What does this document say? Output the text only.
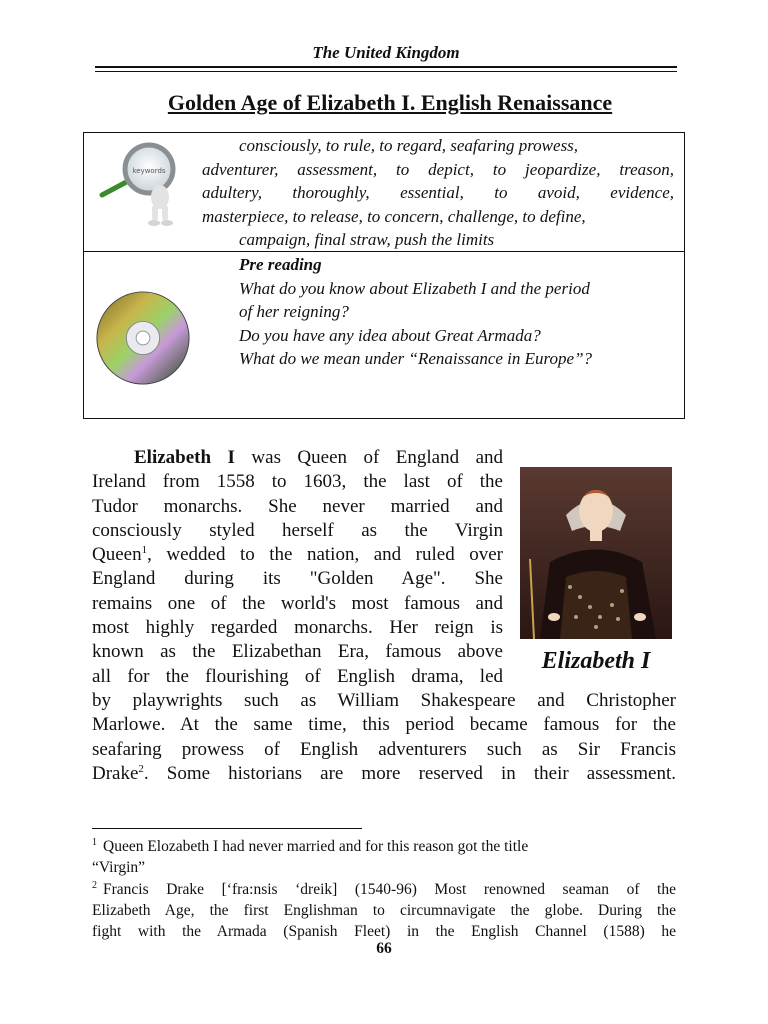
The United Kingdom
Golden Age of Elizabeth I. English Renaissance
keywords
consciously, to rule, to regard, seafaring prowess,
adventurer, assessment, to depict, to jeopardize, treason,
adultery, thoroughly, essential, to avoid, evidence,
masterpiece, to release, to concern, challenge, to define,
campaign, final straw, push the limits
Pre reading
What do you know about Elizabeth I and the period
of her reigning?
Do you have any idea about Great Armada?
What do we mean under “Renaissance in Europe”?
Elizabeth I
Elizabeth I was Queen of England and
Ireland from 1558 to 1603, the last of the
Tudor monarchs. She never married and
consciously styled herself as the Virgin
Queen$^1$, wedded to the nation, and ruled over
England during its "Golden Age". She
remains one of the world's most famous and
most highly regarded monarchs. Her reign is
known as the Elizabethan Era, famous above
all for the flourishing of English drama, led
by playwrights such as William Shakespeare and Christopher
Marlowe. At the same time, this period became famous for the
seafaring prowess of English adventurers such as Sir Francis
Drake$^2$. Some historians are more reserved in their assessment.
$^1$ Queen Elozabeth I had never married and for this reason got the title
“Virgin”
$^2$ Francis Drake [‘fra:nsis ‘dreik] (1540-96) Most renowned seaman of the
Elizabeth Age, the first Englishman to circumnavigate the globe. During the
fight with the Armada (Spanish Fleet) in the English Channel (1588) he
66
